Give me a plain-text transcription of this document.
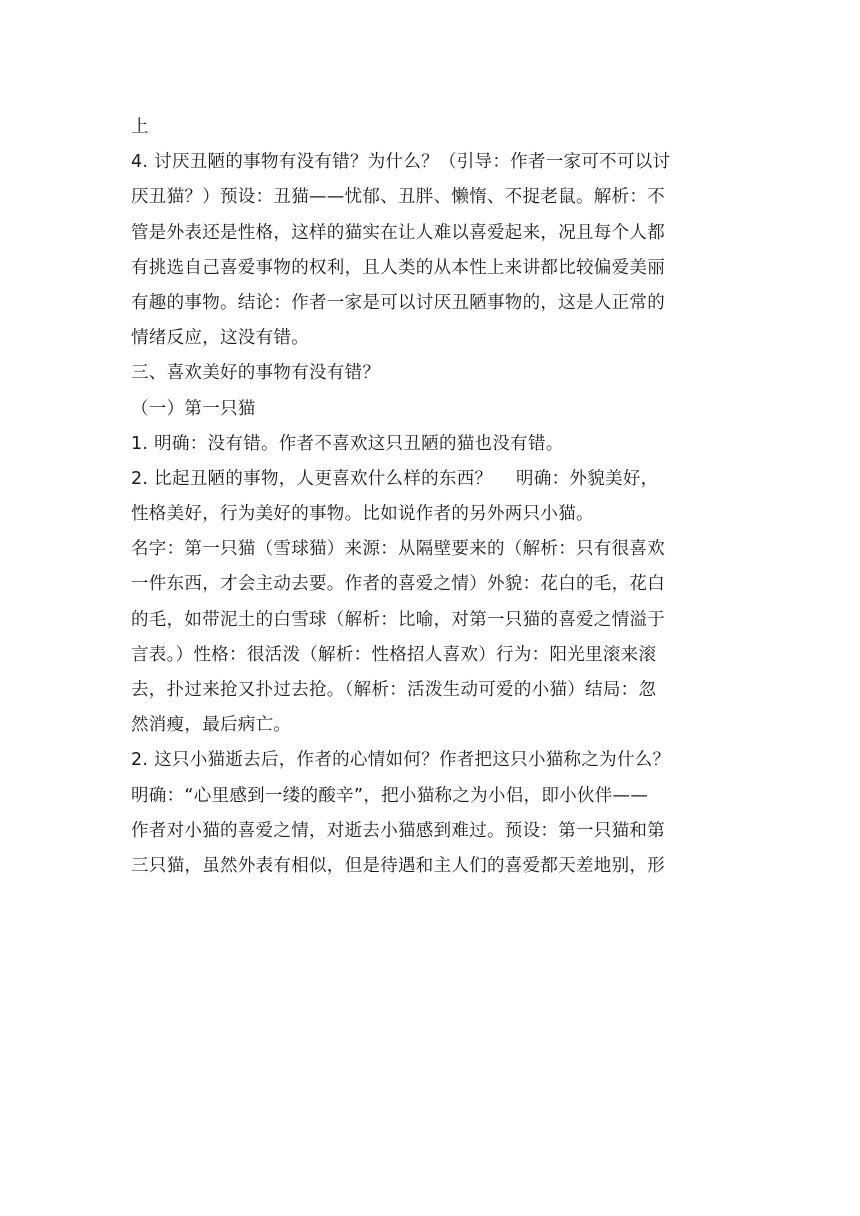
上
4. 讨厌丑陋的事物有没有错？为什么？（引导：作者一家可不可以讨
厌丑猫？）预设：丑猫——忧郁、丑胖、懒惰、不捉老鼠。解析：不
管是外表还是性格，这样的猫实在让人难以喜爱起来，况且每个人都
有挑选自己喜爱事物的权利，且人类的从本性上来讲都比较偏爱美丽
有趣的事物。结论：作者一家是可以讨厌丑陋事物的，这是人正常的
情绪反应，这没有错。
三、喜欢美好的事物有没有错？
（一）第一只猫
1. 明确：没有错。作者不喜欢这只丑陋的猫也没有错。
2. 比起丑陋的事物，人更喜欢什么样的东西？　 明确：外貌美好，
性格美好，行为美好的事物。比如说作者的另外两只小猫。
名字：第一只猫（雪球猫）来源：从隔壁要来的（解析：只有很喜欢
一件东西，才会主动去要。作者的喜爱之情）外貌：花白的毛，花白
的毛，如带泥土的白雪球（解析：比喻，对第一只猫的喜爱之情溢于
言表。）性格：很活泼（解析：性格招人喜欢）行为：阳光里滚来滚
去，扑过来抢又扑过去抢。（解析：活泼生动可爱的小猫）结局：忽
然消瘦，最后病亡。
2. 这只小猫逝去后，作者的心情如何？作者把这只小猫称之为什么？
明确：“心里感到一缕的酸辛”，把小猫称之为小侣，即小伙伴——
作者对小猫的喜爱之情，对逝去小猫感到难过。预设：第一只猫和第
三只猫，虽然外表有相似，但是待遇和主人们的喜爱都天差地别，形
